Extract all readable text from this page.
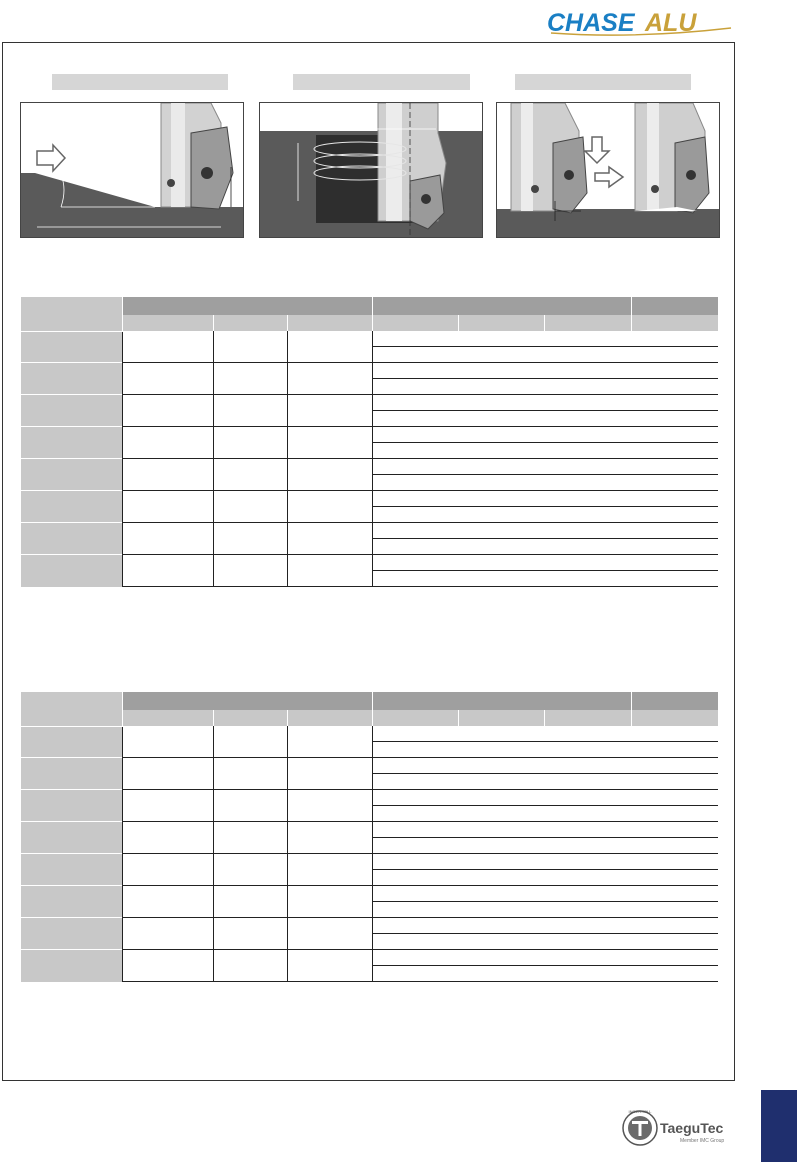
CHASE ALU

INGERSOLL
TaeguTec
Member IMC Group
